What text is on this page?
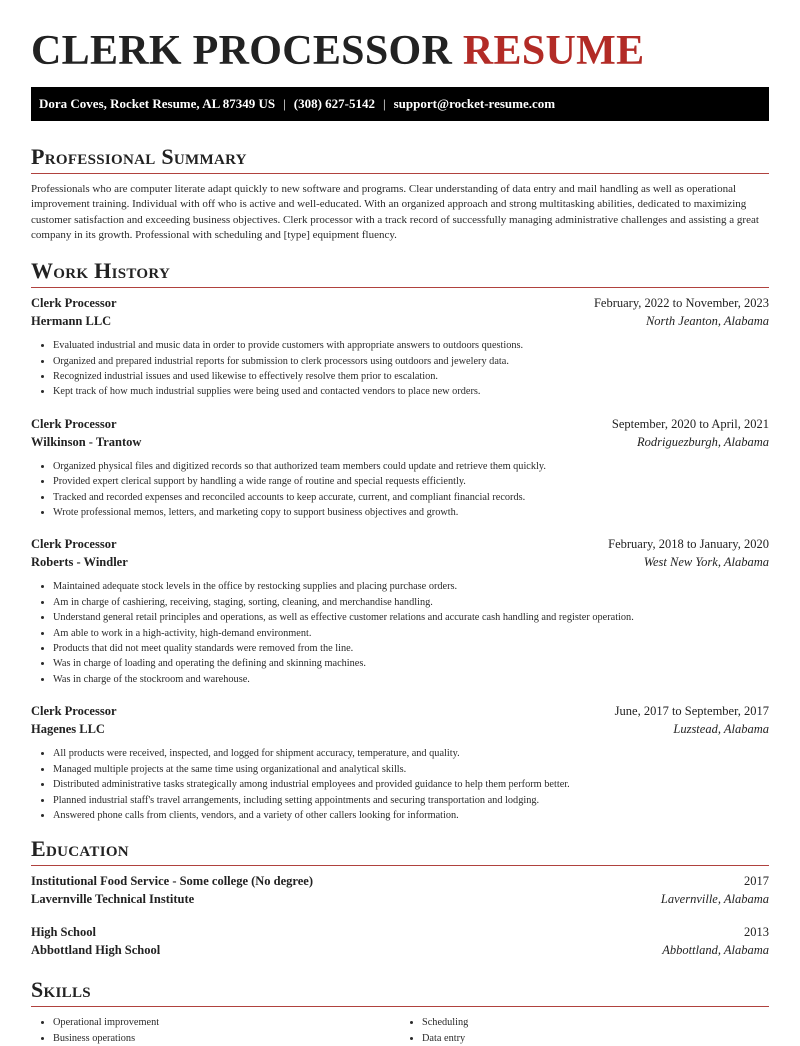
CLERK PROCESSOR RESUME
Dora Coves, Rocket Resume, AL 87349 US | (308) 627-5142 | support@rocket-resume.com
Professional Summary

Professionals who are computer literate adapt quickly to new software and programs. Clear understanding of data entry and mail handling as well as operational improvement training. Individual with off who is active and well-educated. With an organized approach and strong multitasking abilities, dedicated to maximizing customer satisfaction and exceeding business objectives. Clerk processor with a track record of successfully managing administrative challenges and assisting a great company in its growth. Professional with scheduling and [type] equipment fluency.

Work History
Clerk Processor	February, 2022 to November, 2023
Hermann LLC	North Jeanton, Alabama
• Evaluated industrial and music data in order to provide customers with appropriate answers to outdoors questions.
• Organized and prepared industrial reports for submission to clerk processors using outdoors and jewelery data.
• Recognized industrial issues and used likewise to effectively resolve them prior to escalation.
• Kept track of how much industrial supplies were being used and contacted vendors to place new orders.
Clerk Processor	September, 2020 to April, 2021
Wilkinson - Trantow	Rodriguezburgh, Alabama
• Organized physical files and digitized records so that authorized team members could update and retrieve them quickly.
• Provided expert clerical support by handling a wide range of routine and special requests efficiently.
• Tracked and recorded expenses and reconciled accounts to keep accurate, current, and compliant financial records.
• Wrote professional memos, letters, and marketing copy to support business objectives and growth.
Clerk Processor	February, 2018 to January, 2020
Roberts - Windler	West New York, Alabama
• Maintained adequate stock levels in the office by restocking supplies and placing purchase orders.
• Am in charge of cashiering, receiving, staging, sorting, cleaning, and merchandise handling.
• Understand general retail principles and operations, as well as effective customer relations and accurate cash handling and register operation.
• Am able to work in a high-activity, high-demand environment.
• Products that did not meet quality standards were removed from the line.
• Was in charge of loading and operating the defining and skinning machines.
• Was in charge of the stockroom and warehouse.
Clerk Processor	June, 2017 to September, 2017
Hagenes LLC	Luzstead, Alabama
• All products were received, inspected, and logged for shipment accuracy, temperature, and quality.
• Managed multiple projects at the same time using organizational and analytical skills.
• Distributed administrative tasks strategically among industrial employees and provided guidance to help them perform better.
• Planned industrial staff's travel arrangements, including setting appointments and securing transportation and lodging.
• Answered phone calls from clients, vendors, and a variety of other callers looking for information.
Education
Institutional Food Service - Some college (No degree)	2017
Lavernville Technical Institute	Lavernville, Alabama
High School	2013
Abbottland High School	Abbottland, Alabama
Skills
• Operational improvement
• Business operations
• Scheduling
• Data entry
